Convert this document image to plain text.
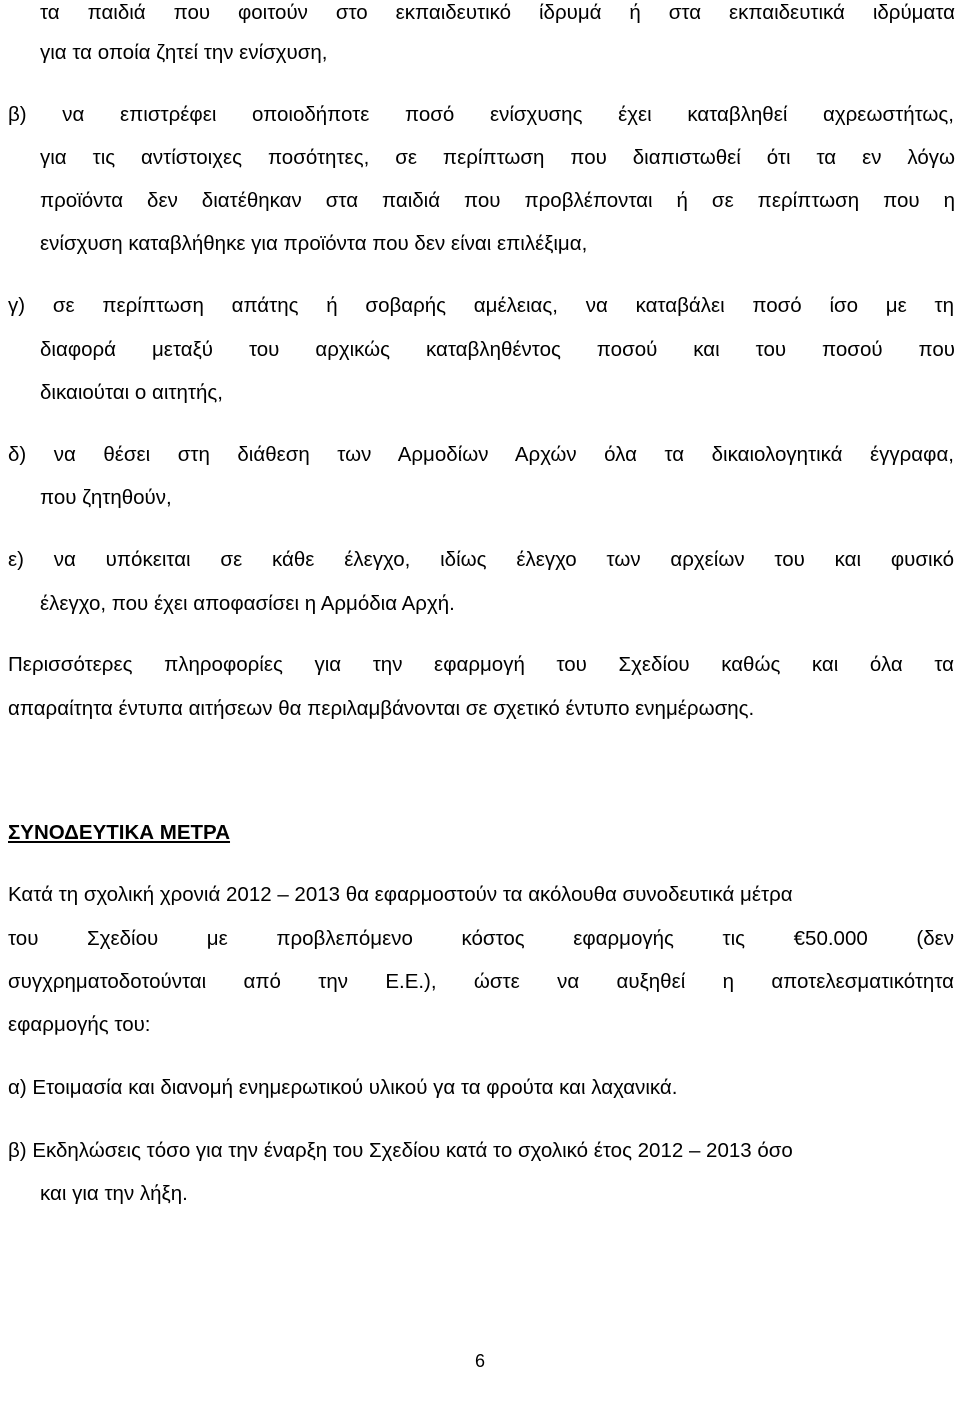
τα παιδιά που φοιτούν στο εκπαιδευτικό ίδρυμά ή στα εκπαιδευτικά ιδρύματα

για τα οποία ζητεί την ενίσχυση,

β) να επιστρέφει οποιοδήποτε ποσό ενίσχυσης έχει καταβληθεί αχρεωστήτως,

για τις αντίστοιχες ποσότητες, σε περίπτωση που διαπιστωθεί ότι τα εν λόγω

προϊόντα δεν διατέθηκαν στα παιδιά που προβλέπονται ή σε περίπτωση που η

ενίσχυση καταβλήθηκε για προϊόντα που δεν είναι επιλέξιμα,

γ) σε περίπτωση απάτης ή σοβαρής αμέλειας, να καταβάλει ποσό ίσο με τη

διαφορά μεταξύ του αρχικώς καταβληθέντος ποσού και του ποσού που

δικαιούται ο αιτητής,

δ) να θέσει στη διάθεση των Αρμοδίων Αρχών όλα τα δικαιολογητικά έγγραφα,

που ζητηθούν,

ε) να υπόκειται σε κάθε έλεγχο, ιδίως έλεγχο των αρχείων του και φυσικό

έλεγχο, που έχει αποφασίσει η Αρμόδια Αρχή.

Περισσότερες πληροφορίες για την εφαρμογή του Σχεδίου καθώς και όλα τα

απαραίτητα έντυπα αιτήσεων θα περιλαμβάνονται σε σχετικό έντυπο ενημέρωσης.

ΣΥΝΟΔΕΥΤΙΚΑ ΜΕΤΡΑ

Κατά τη σχολική χρονιά 2012 – 2013 θα εφαρμοστούν τα ακόλουθα συνοδευτικά μέτρα

του Σχεδίου με προβλεπόμενο κόστος εφαρμογής τις €50.000 (δεν

συγχρηματοδοτούνται από την Ε.Ε.), ώστε να αυξηθεί η αποτελεσματικότητα

εφαρμογής του:

α) Ετοιμασία και διανομή ενημερωτικού υλικού γα τα φρούτα και λαχανικά.

β) Εκδηλώσεις τόσο για την έναρξη του Σχεδίου κατά το σχολικό έτος 2012 – 2013 όσο

και για την λήξη.

6
